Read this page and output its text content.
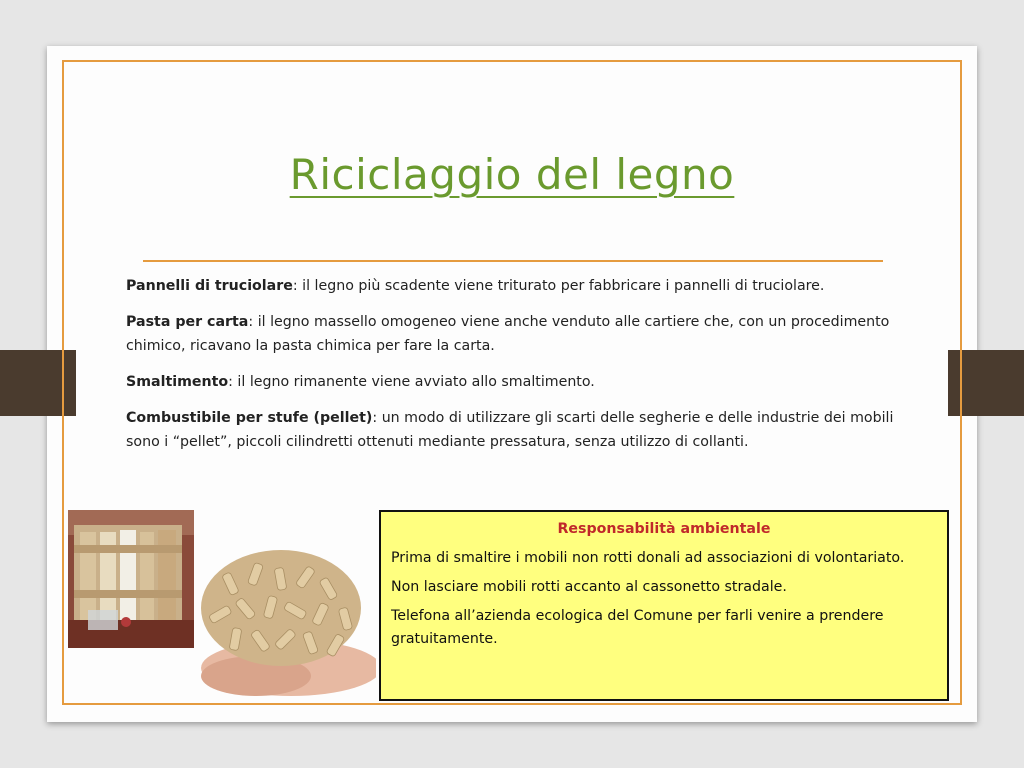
Riciclaggio del legno

Pannelli di truciolare: il legno più scadente viene triturato per fabbricare i pannelli di truciolare.

Pasta per carta: il legno massello omogeneo viene anche venduto alle cartiere che, con un procedimento chimico, ricavano la pasta chimica per fare la carta.

Smaltimento: il legno rimanente viene avviato allo smaltimento.

Combustibile per stufe (pellet): un modo di utilizzare gli scarti delle segherie e delle industrie dei mobili sono i “pellet”, piccoli cilindretti ottenuti mediante pressatura, senza utilizzo di collanti.

Responsabilità ambientale

Prima di smaltire i mobili non rotti donali ad associazioni di volontariato.

Non lasciare mobili rotti accanto al cassonetto stradale.

Telefona all’azienda ecologica del Comune per farli venire a prendere gratuitamente.
